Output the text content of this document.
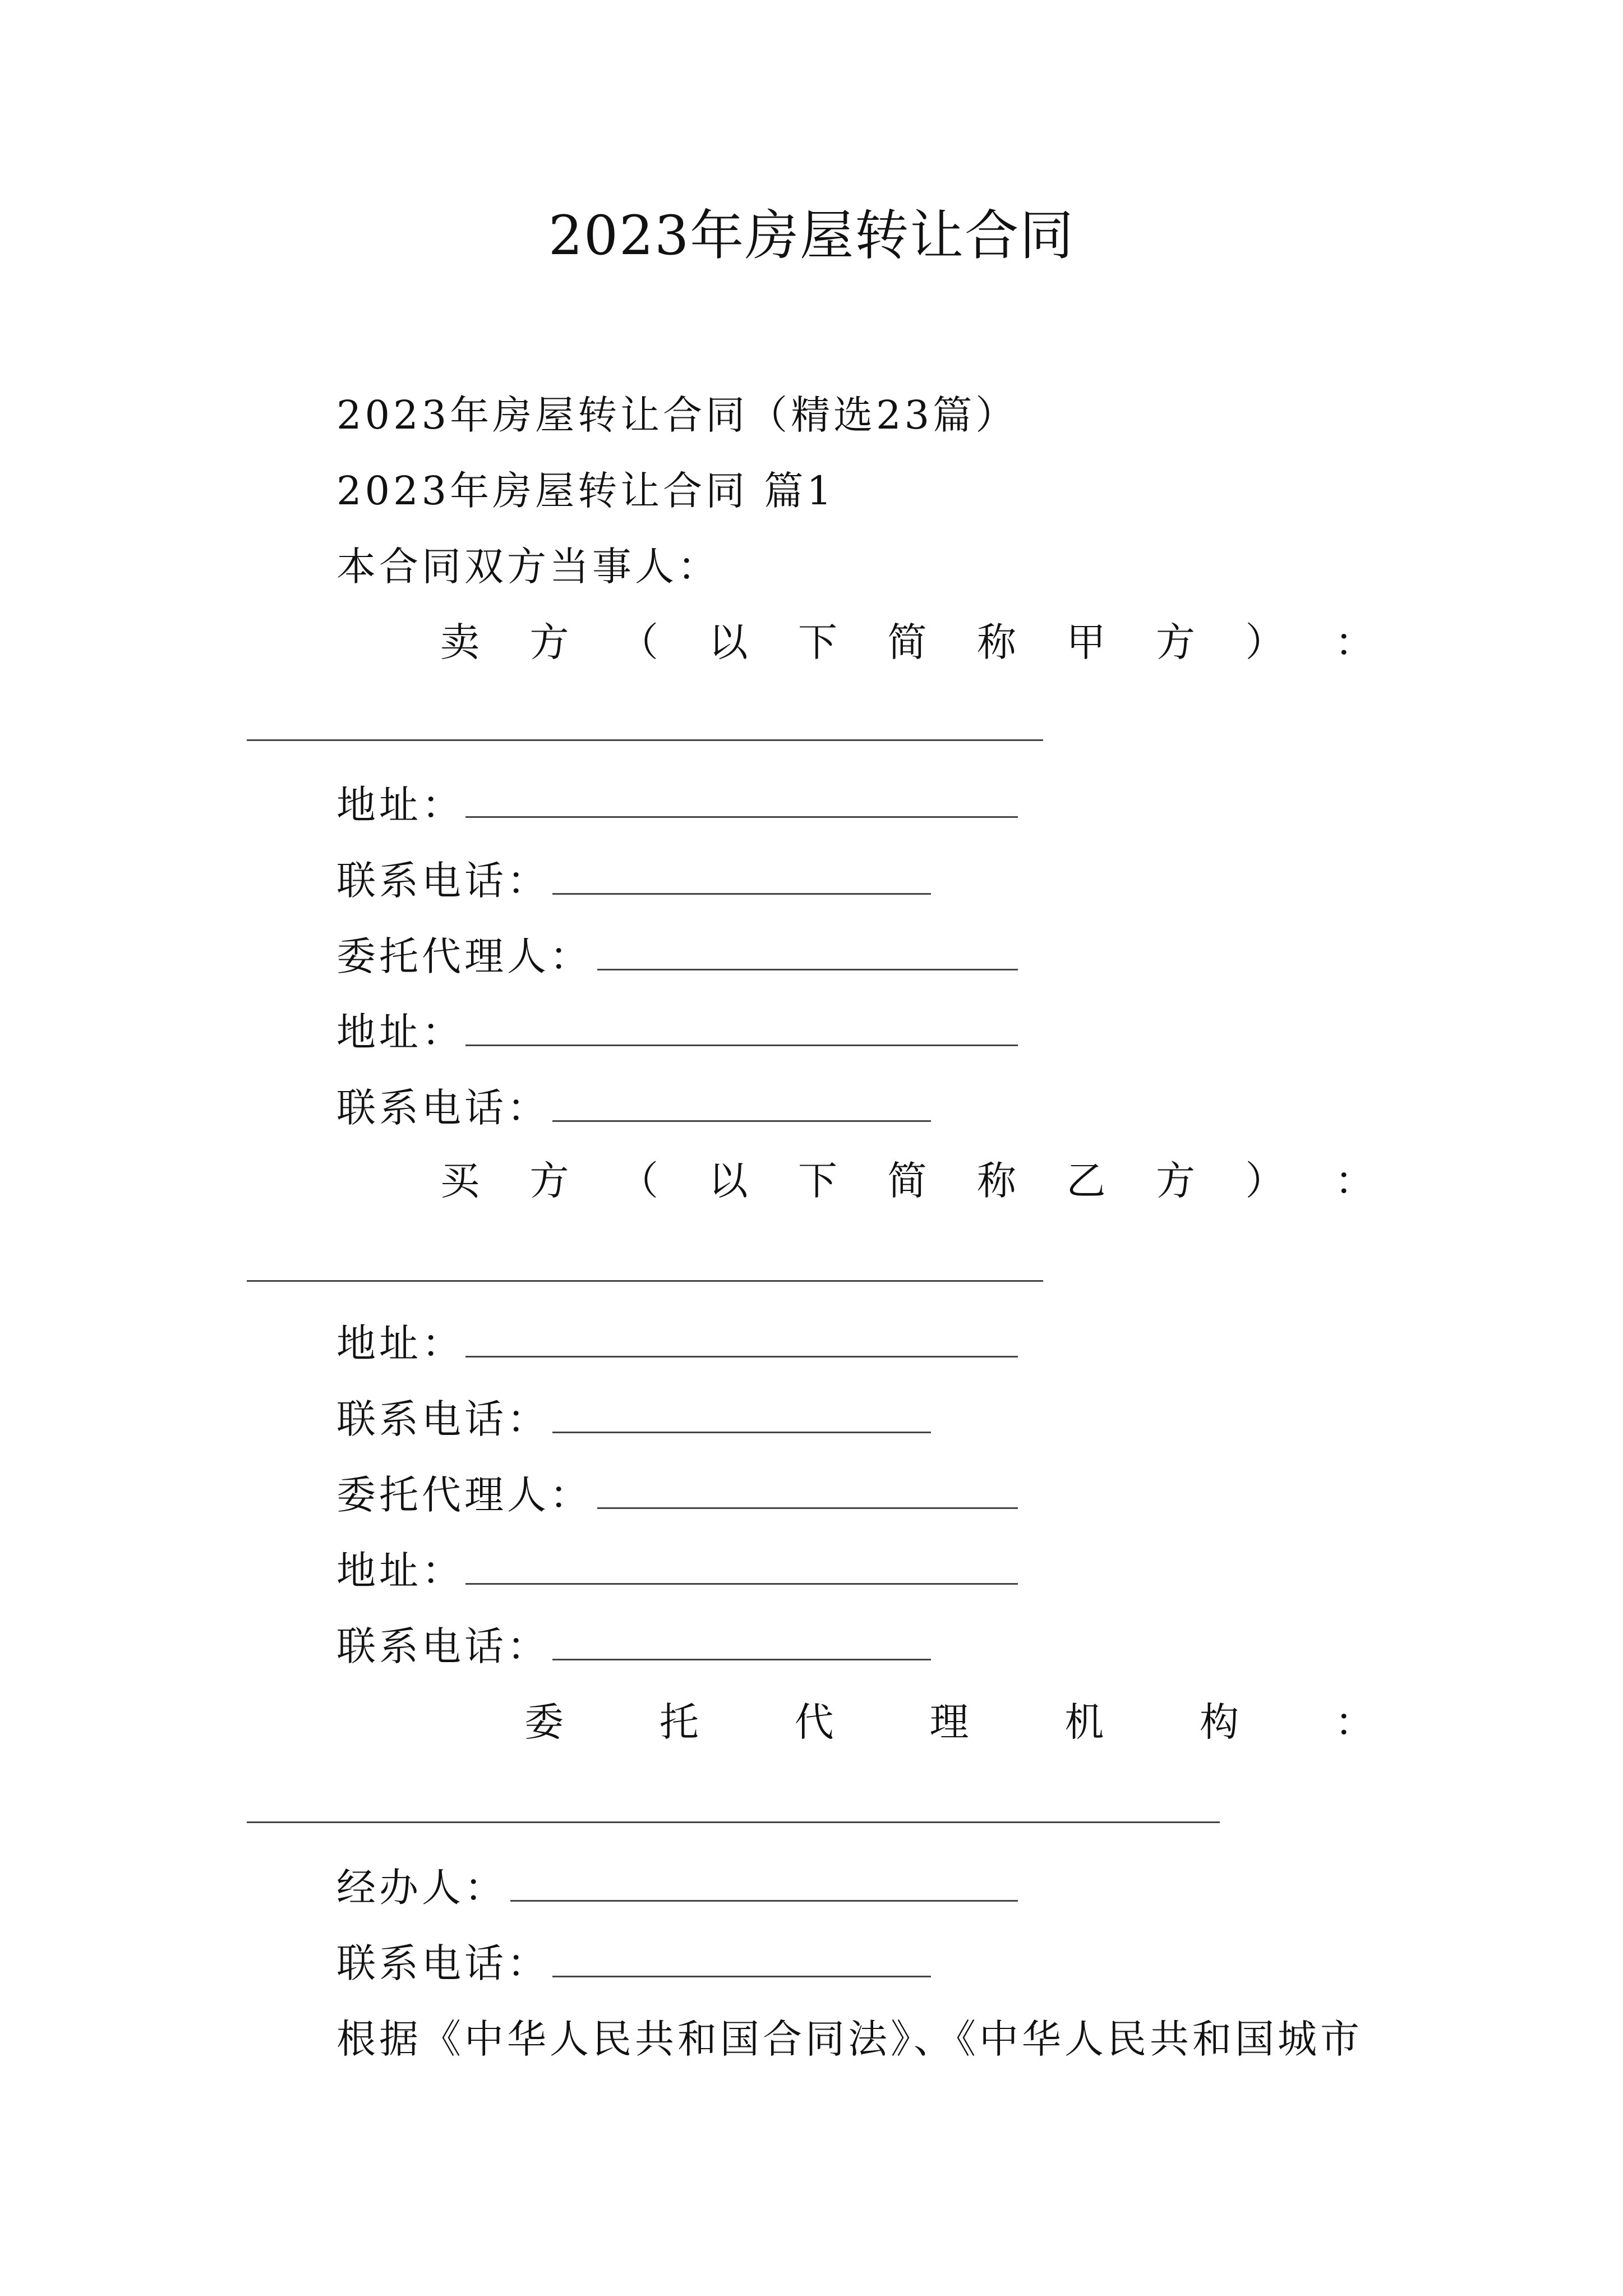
2023年房屋转让合同
2023年房屋转让合同（精选23篇）
2023年房屋转让合同 篇1
本合同双方当事人：
卖 方 （ 以 下 简 称 甲 方 ） ：
地址：
联系电话：
委托代理人：
地址：
联系电话：
买 方 （ 以 下 简 称 乙 方 ） ：
地址：
联系电话：
委托代理人：
地址：
联系电话：
委 托 代 理 机 构 ：
经办人：
联系电话：
根据《中华人民共和国合同法》、《中华人民共和国城市
